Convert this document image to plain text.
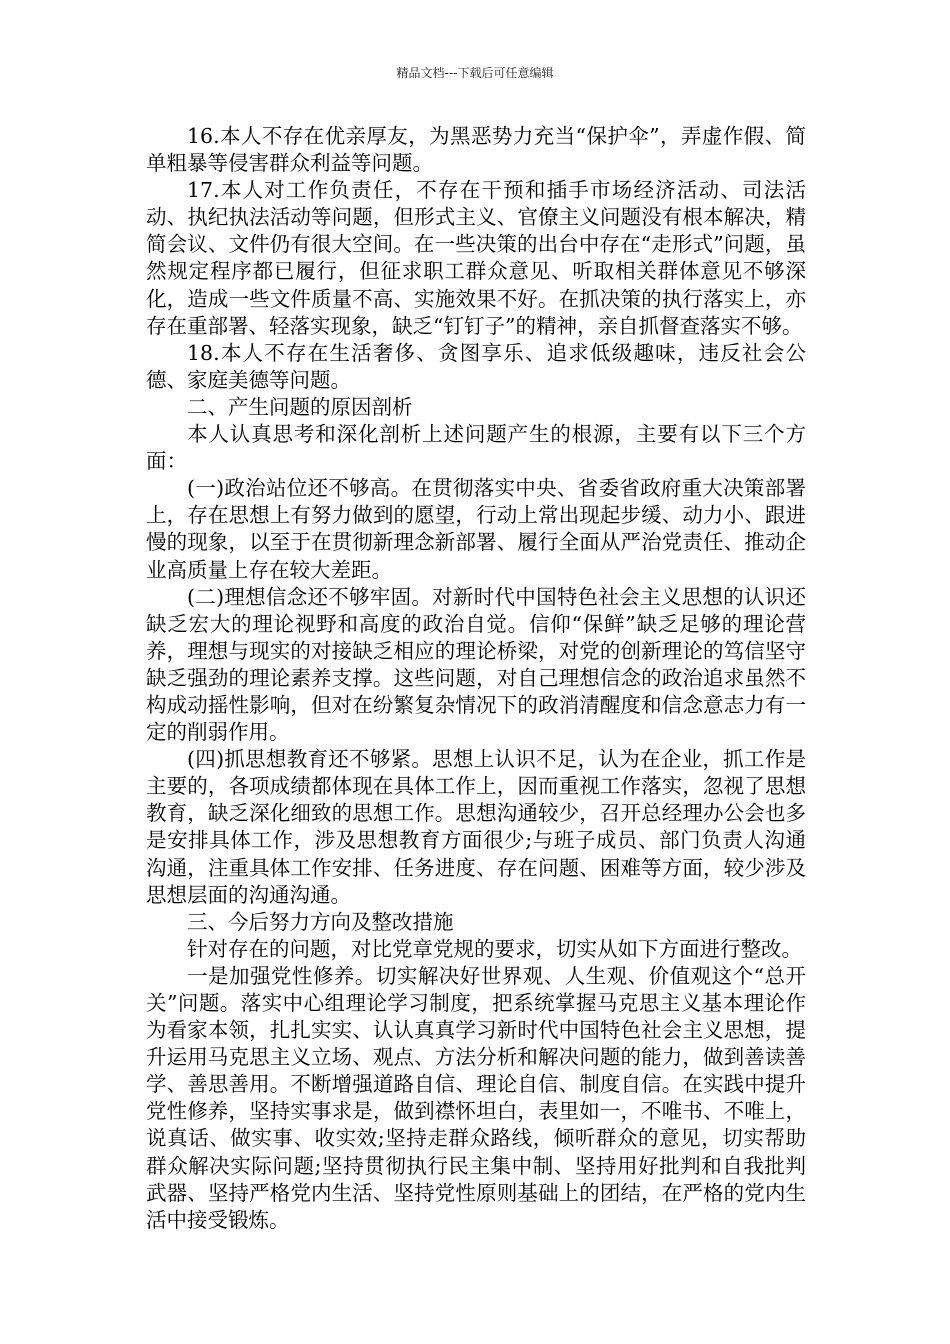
精品文档---下载后可任意编辑

16.本人不存在优亲厚友，为黑恶势力充当“保护伞”，弄虚作假、简单粗暴等侵害群众利益等问题。

17.本人对工作负责任，不存在干预和插手市场经济活动、司法活动、执纪执法活动等问题，但形式主义、官僚主义问题没有根本解决，精简会议、文件仍有很大空间。在一些决策的出台中存在“走形式”问题，虽然规定程序都已履行，但征求职工群众意见、听取相关群体意见不够深化，造成一些文件质量不高、实施效果不好。在抓决策的执行落实上，亦存在重部署、轻落实现象，缺乏“钉钉子”的精神，亲自抓督查落实不够。

18.本人不存在生活奢侈、贪图享乐、追求低级趣味，违反社会公德、家庭美德等问题。

二、产生问题的原因剖析

本人认真思考和深化剖析上述问题产生的根源，主要有以下三个方面：

(一)政治站位还不够高。在贯彻落实中央、省委省政府重大决策部署上，存在思想上有努力做到的愿望，行动上常出现起步缓、动力小、跟进慢的现象，以至于在贯彻新理念新部署、履行全面从严治党责任、推动企业高质量上存在较大差距。

(二)理想信念还不够牢固。对新时代中国特色社会主义思想的认识还缺乏宏大的理论视野和高度的政治自觉。信仰“保鲜”缺乏足够的理论营养，理想与现实的对接缺乏相应的理论桥梁，对党的创新理论的笃信坚守缺乏强劲的理论素养支撑。这些问题，对自己理想信念的政治追求虽然不构成动摇性影响，但对在纷繁复杂情况下的政消清醒度和信念意志力有一定的削弱作用。

(四)抓思想教育还不够紧。思想上认识不足，认为在企业，抓工作是主要的，各项成绩都体现在具体工作上，因而重视工作落实，忽视了思想教育，缺乏深化细致的思想工作。思想沟通较少，召开总经理办公会也多是安排具体工作，涉及思想教育方面很少;与班子成员、部门负责人沟通沟通，注重具体工作安排、任务进度、存在问题、困难等方面，较少涉及思想层面的沟通沟通。

三、今后努力方向及整改措施

针对存在的问题，对比党章党规的要求，切实从如下方面进行整改。

一是加强党性修养。切实解决好世界观、人生观、价值观这个“总开关”问题。落实中心组理论学习制度，把系统掌握马克思主义基本理论作为看家本领，扎扎实实、认认真真学习新时代中国特色社会主义思想，提升运用马克思主义立场、观点、方法分析和解决问题的能力，做到善读善学、善思善用。不断增强道路自信、理论自信、制度自信。在实践中提升党性修养，坚持实事求是，做到襟怀坦白，表里如一，不唯书、不唯上，说真话、做实事、收实效;坚持走群众路线，倾听群众的意见，切实帮助群众解决实际问题;坚持贯彻执行民主集中制、坚持用好批判和自我批判武器、坚持严格党内生活、坚持党性原则基础上的团结，在严格的党内生活中接受锻炼。
